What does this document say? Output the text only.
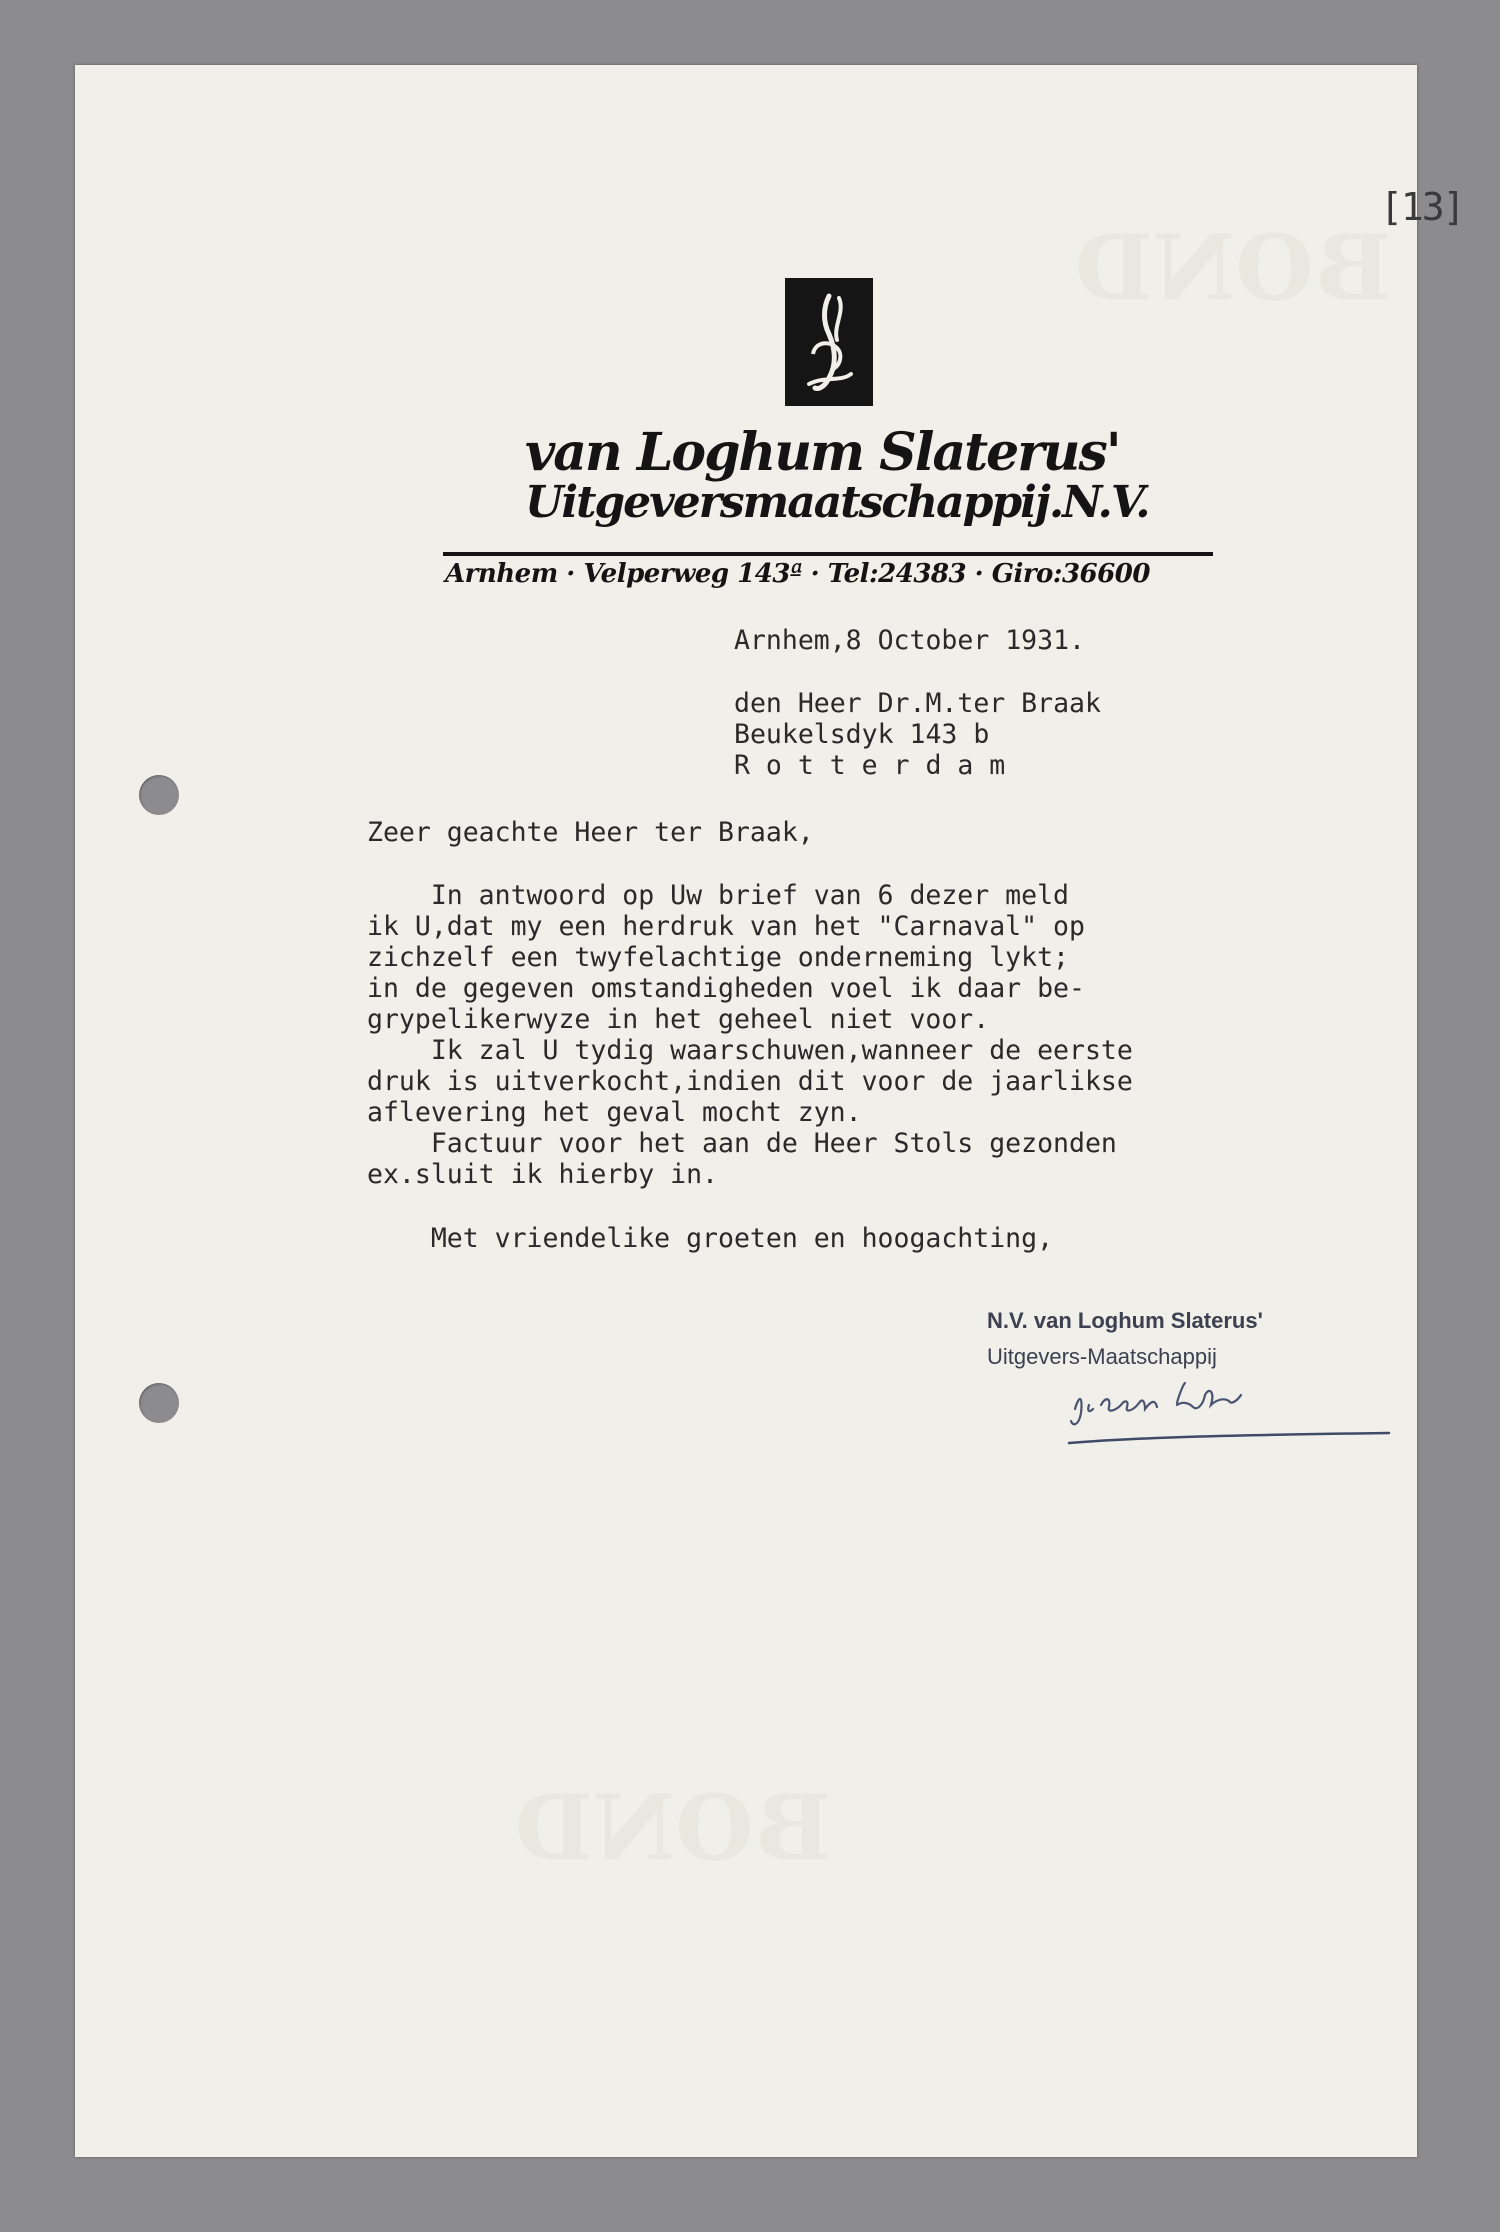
BOND
BOND
[13]
van Loghum Slaterus'
Uitgeversmaatschappij.N.V.
Arnhem · Velperweg 143ª · Tel:24383 · Giro:36600

Arnhem,8 October 1931.

den Heer Dr.M.ter Braak

Beukelsdyk 143 b

R o t t e r d a m

Zeer geachte Heer ter Braak,

In antwoord op Uw brief van 6 dezer meld

ik U,dat my een herdruk van het "Carnaval" op

zichzelf een twyfelachtige onderneming lykt;

in de gegeven omstandigheden voel ik daar be-

grypelikerwyze in het geheel niet voor.

Ik zal U tydig waarschuwen,wanneer de eerste

druk is uitverkocht,indien dit voor de jaarlikse

aflevering het geval mocht zyn.

Factuur voor het aan de Heer Stols gezonden

ex.sluit ik hierby in.

Met vriendelike groeten en hoogachting,

N.V. van Loghum Slaterus'
Uitgevers-Maatschappij
